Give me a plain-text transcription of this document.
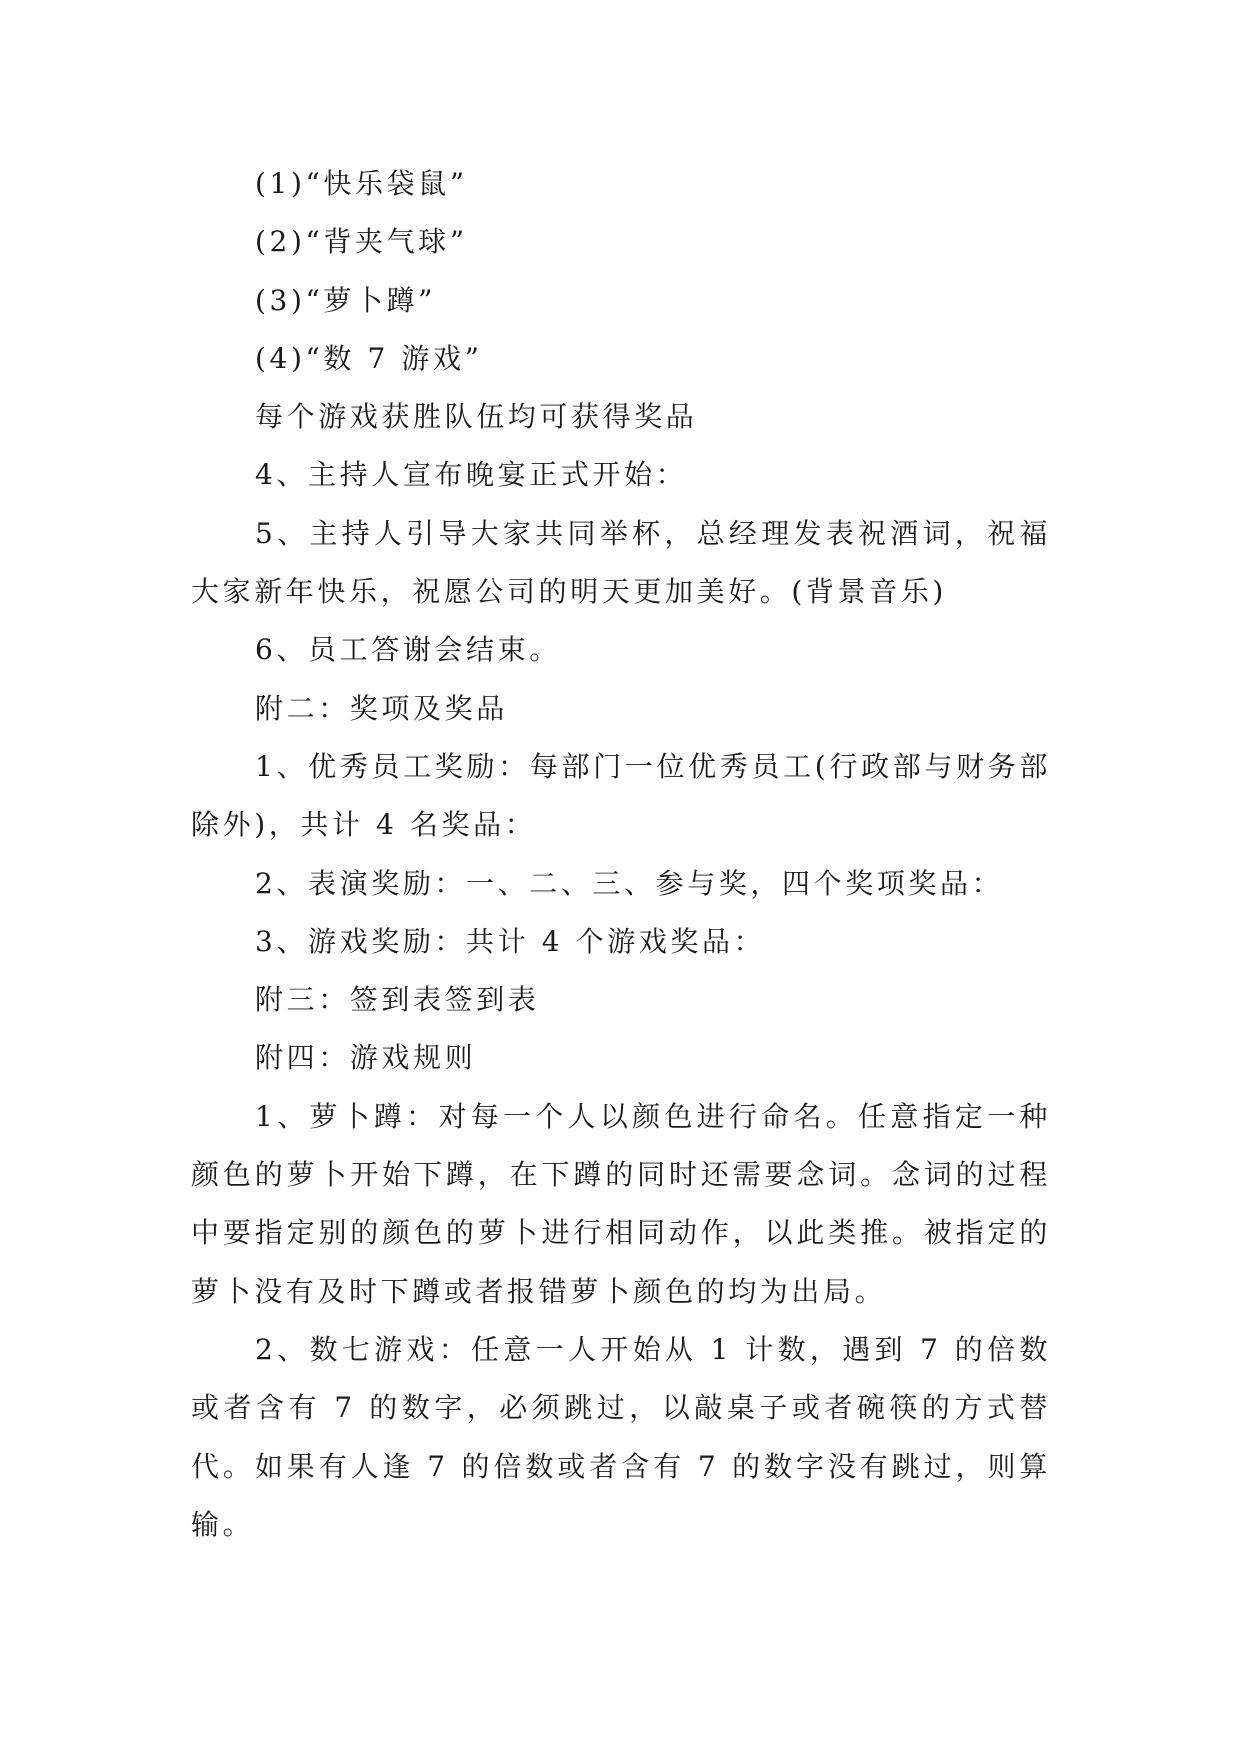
(1)“快乐袋鼠”

(2)“背夹气球”

(3)“萝卜蹲”

(4)“数 7 游戏”

每个游戏获胜队伍均可获得奖品

4、主持人宣布晚宴正式开始：

5、主持人引导大家共同举杯，总经理发表祝酒词，祝福大家新年快乐，祝愿公司的明天更加美好。(背景音乐)

6、员工答谢会结束。

附二：奖项及奖品

1、优秀员工奖励：每部门一位优秀员工(行政部与财务部除外)，共计 4 名奖品：

2、表演奖励：一、二、三、参与奖，四个奖项奖品：

3、游戏奖励：共计 4 个游戏奖品：

附三：签到表签到表

附四：游戏规则

1、萝卜蹲：对每一个人以颜色进行命名。任意指定一种颜色的萝卜开始下蹲，在下蹲的同时还需要念词。念词的过程中要指定别的颜色的萝卜进行相同动作，以此类推。被指定的萝卜没有及时下蹲或者报错萝卜颜色的均为出局。

2、数七游戏：任意一人开始从 1 计数，遇到 7 的倍数或者含有 7 的数字，必须跳过，以敲桌子或者碗筷的方式替代。如果有人逢 7 的倍数或者含有 7 的数字没有跳过，则算输。
